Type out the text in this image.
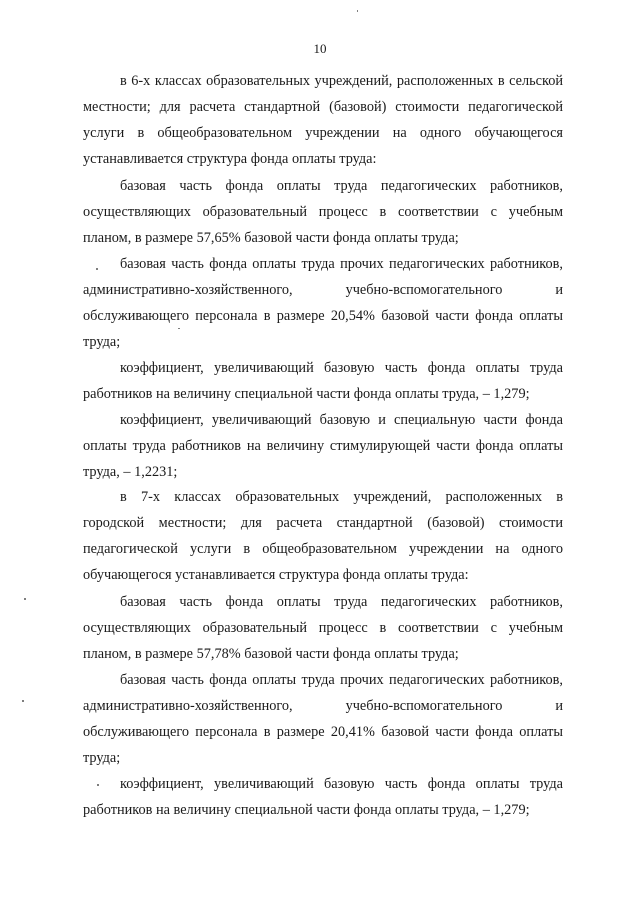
10

в 6-х классах образовательных учреждений, расположенных в сельской местности; для расчета стандартной (базовой) стоимости педагогической услуги в общеобразовательном учреждении на одного обучающегося устанавливается структура фонда оплаты труда:

базовая часть фонда оплаты труда педагогических работников, осуществляющих образовательный процесс в соответствии с учебным планом, в размере 57,65% базовой части фонда оплаты труда;

базовая часть фонда оплаты труда прочих педагогических работников, административно-хозяйственного, учебно-вспомогательного и обслуживающего персонала в размере 20,54% базовой части фонда оплаты труда;

коэффициент, увеличивающий базовую часть фонда оплаты труда работников на величину специальной части фонда оплаты труда, – 1,279;

коэффициент, увеличивающий базовую и специальную части фонда оплаты труда работников на величину стимулирующей части фонда оплаты труда, – 1,2231;

в 7-х классах образовательных учреждений, расположенных в городской местности; для расчета стандартной (базовой) стоимости педагогической услуги в общеобразовательном учреждении на одного обучающегося устанавливается структура фонда оплаты труда:

базовая часть фонда оплаты труда педагогических работников, осуществляющих образовательный процесс в соответствии с учебным планом, в размере 57,78% базовой части фонда оплаты труда;

базовая часть фонда оплаты труда прочих педагогических работников, административно-хозяйственного, учебно-вспомогательного и обслуживающего персонала в размере 20,41% базовой части фонда оплаты труда;

коэффициент, увеличивающий базовую часть фонда оплаты труда работников на величину специальной части фонда оплаты труда, – 1,279;
